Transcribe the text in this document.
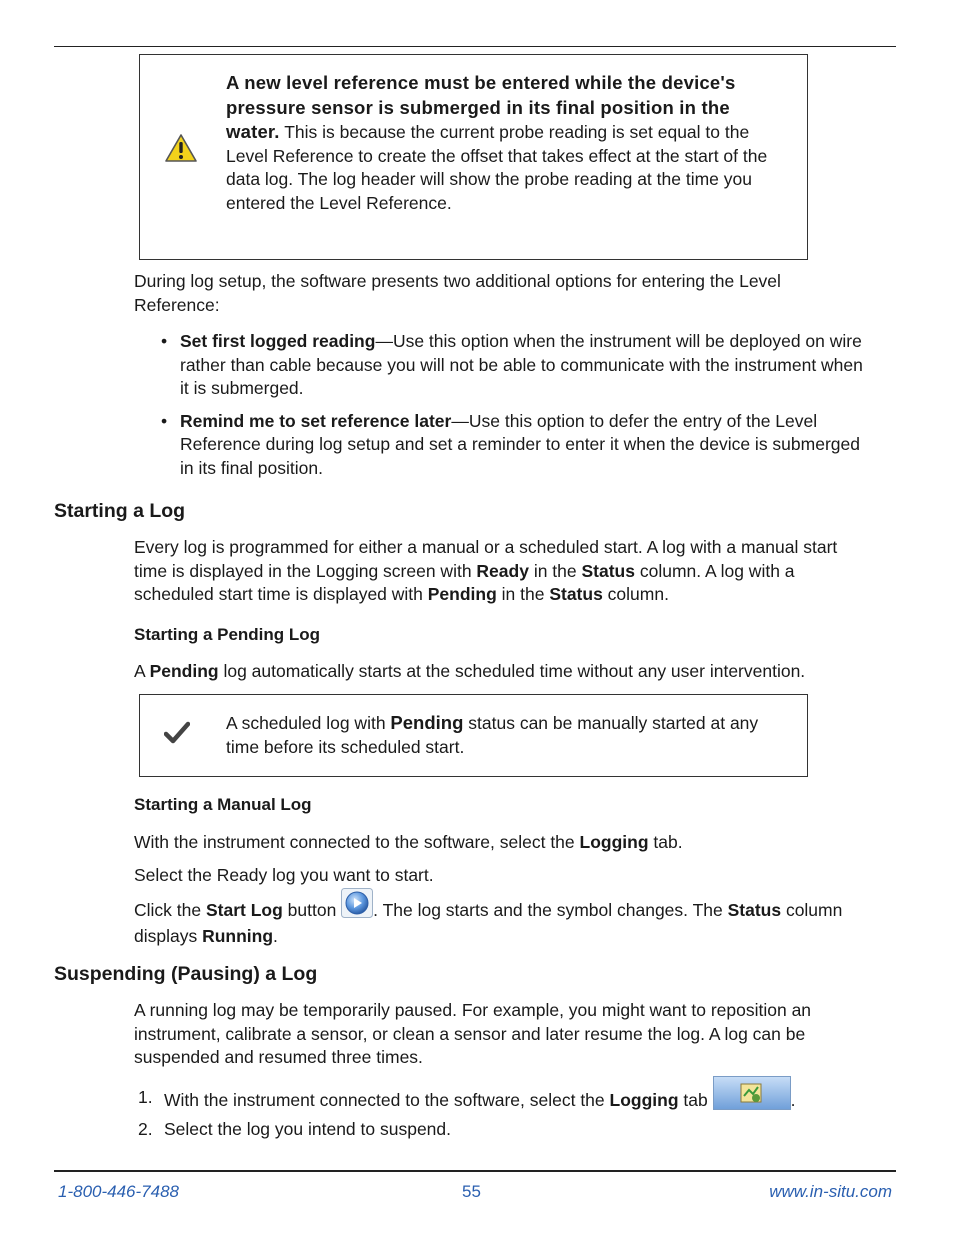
A new level reference must be entered while the device's pressure sensor is submerged in its final position in the water. This is because the current probe reading is set equal to the Level Reference to create the offset that takes effect at the start of the data log. The log header will show the probe reading at the time you entered the Level Reference.
During log setup, the software presents two additional options for entering the Level Reference:
• Set first logged reading—Use this option when the instrument will be deployed on wire rather than cable because you will not be able to communicate with the instrument when it is submerged.
• Remind me to set reference later—Use this option to defer the entry of the Level Reference during log setup and set a reminder to enter it when the device is submerged in its final position.
Starting a Log
Every log is programmed for either a manual or a scheduled start. A log with a manual start time is displayed in the Logging screen with Ready in the Status column. A log with a scheduled start time is displayed with Pending in the Status column.
Starting a Pending Log
A Pending log automatically starts at the scheduled time without any user intervention.
A scheduled log with Pending status can be manually started at any time before its scheduled start.
Starting a Manual Log
With the instrument connected to the software, select the Logging tab.
Select the Ready log you want to start.
Click the Start Log button . The log starts and the symbol changes. The Status column displays Running.
Suspending (Pausing) a Log
A running log may be temporarily paused. For example, you might want to reposition an instrument, calibrate a sensor, or clean a sensor and later resume the log. A log can be suspended and resumed three times.
1. With the instrument connected to the software, select the Logging tab	.
2. Select the log you intend to suspend.
1-800-446-7488	55	www.in-situ.com
